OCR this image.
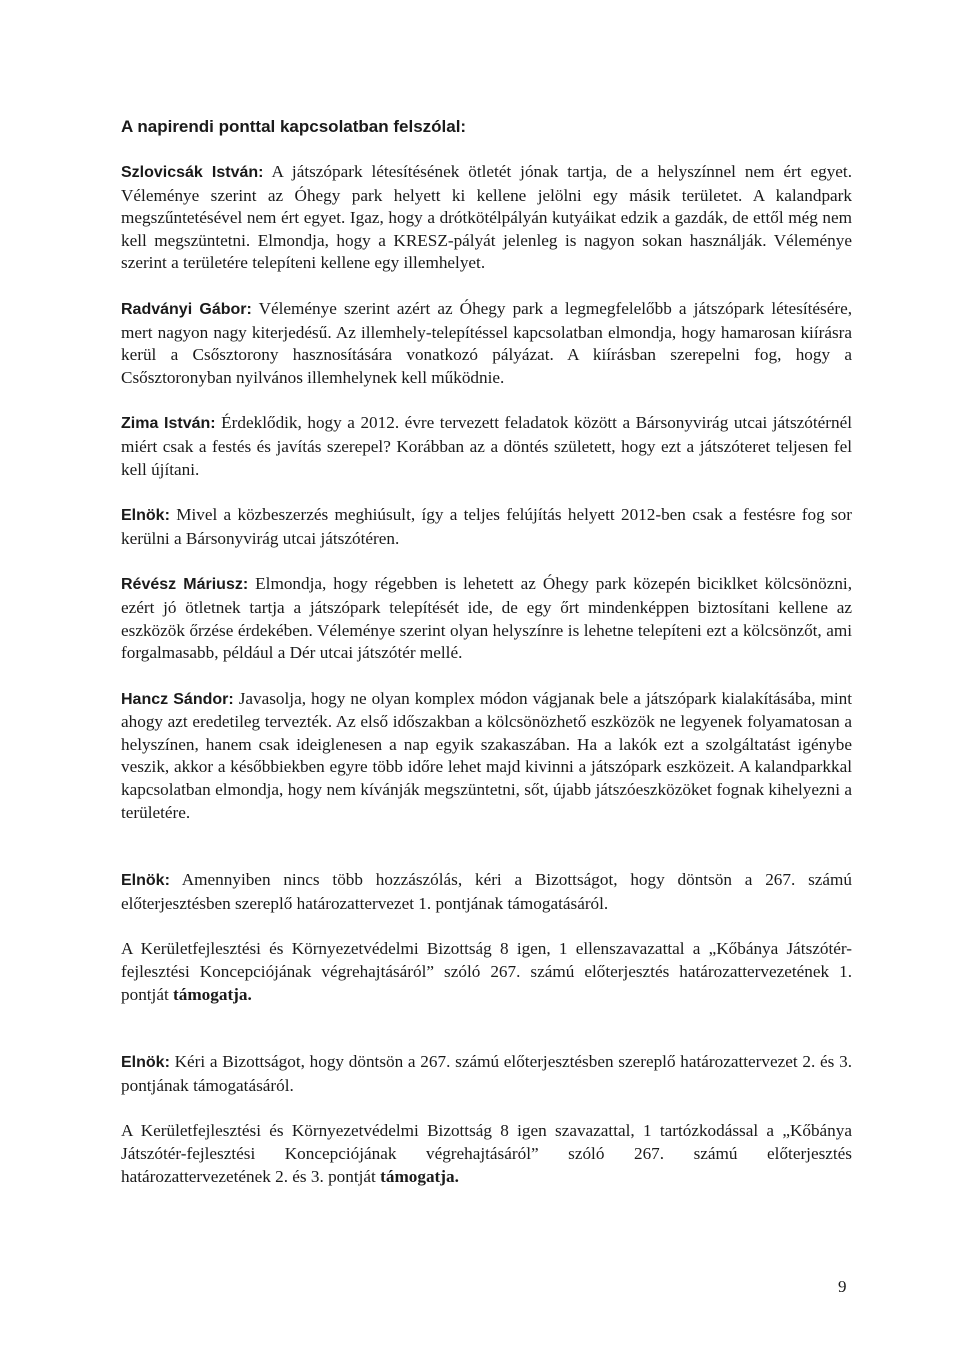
A napirendi ponttal kapcsolatban felszólal:

Szlovicsák István: A játszópark létesítésének ötletét jónak tartja, de a helyszínnel nem ért egyet. Véleménye szerint az Óhegy park helyett ki kellene jelölni egy másik területet. A kalandpark megszűntetésével nem ért egyet. Igaz, hogy a drótkötélpályán kutyáikat edzik a gazdák, de ettől még nem kell megszüntetni. Elmondja, hogy a KRESZ-pályát jelenleg is nagyon sokan használják. Véleménye szerint a területére telepíteni kellene egy illemhelyet.

Radványi Gábor: Véleménye szerint azért az Óhegy park a legmegfelelőbb a játszópark létesítésére, mert nagyon nagy kiterjedésű. Az illemhely-telepítéssel kapcsolatban elmondja, hogy hamarosan kiírásra kerül a Csősztorony hasznosítására vonatkozó pályázat. A kiírásban szerepelni fog, hogy a Csősztoronyban nyilvános illemhelynek kell működnie.

Zima István: Érdeklődik, hogy a 2012. évre tervezett feladatok között a Bársonyvirág utcai játszótérnél miért csak a festés és javítás szerepel? Korábban az a döntés született, hogy ezt a játszóteret teljesen fel kell újítani.

Elnök: Mivel a közbeszerzés meghiúsult, így a teljes felújítás helyett 2012-ben csak a festésre fog sor kerülni a Bársonyvirág utcai játszótéren.

Révész Máriusz: Elmondja, hogy régebben is lehetett az Óhegy park közepén biciklket kölcsönözni, ezért jó ötletnek tartja a játszópark telepítését ide, de egy őrt mindenképpen biztosítani kellene az eszközök őrzése érdekében. Véleménye szerint olyan helyszínre is lehetne telepíteni ezt a kölcsönzőt, ami forgalmasabb, például a Dér utcai játszótér mellé.

Hancz Sándor: Javasolja, hogy ne olyan komplex módon vágjanak bele a játszópark kialakításába, mint ahogy azt eredetileg tervezték. Az első időszakban a kölcsönözhető eszközök ne legyenek folyamatosan a helyszínen, hanem csak ideiglenesen a nap egyik szakaszában. Ha a lakók ezt a szolgáltatást igénybe veszik, akkor a későbbiekben egyre több időre lehet majd kivinni a játszópark eszközeit. A kalandparkkal kapcsolatban elmondja, hogy nem kívánják megszüntetni, sőt, újabb játszóeszközöket fognak kihelyezni a területére.

Elnök: Amennyiben nincs több hozzászólás, kéri a Bizottságot, hogy döntsön a 267. számú előterjesztésben szereplő határozattervezet 1. pontjának támogatásáról.

A Kerületfejlesztési és Környezetvédelmi Bizottság 8 igen, 1 ellenszavazattal a „Kőbánya Játszótér-fejlesztési Koncepciójának végrehajtásáról” szóló 267. számú előterjesztés határozattervezetének 1. pontját támogatja.

Elnök: Kéri a Bizottságot, hogy döntsön a 267. számú előterjesztésben szereplő határozattervezet 2. és 3. pontjának támogatásáról.

A Kerületfejlesztési és Környezetvédelmi Bizottság 8 igen szavazattal, 1 tartózkodással a „Kőbánya Játszótér-fejlesztési Koncepciójának végrehajtásáról” szóló 267. számú előterjesztés határozattervezetének 2. és 3. pontját támogatja.

9
